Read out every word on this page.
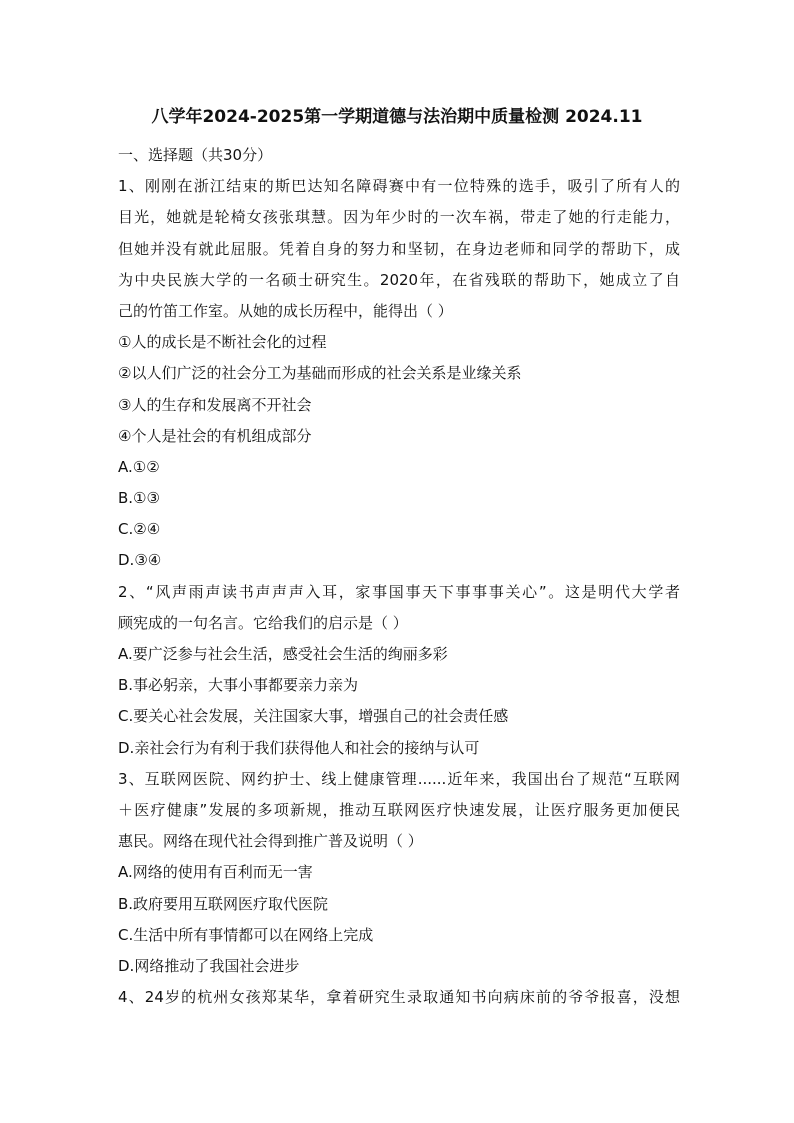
八学年2024-2025第一学期道德与法治期中质量检测 2024.11
一、选择题（共30分）
1、刚刚在浙江结束的斯巴达知名障碍赛中有一位特殊的选手，吸引了所有人的
目光，她就是轮椅女孩张琪慧。因为年少时的一次车祸，带走了她的行走能力，
但她并没有就此屈服。凭着自身的努力和坚韧，在身边老师和同学的帮助下，成
为中央民族大学的一名硕士研究生。2020年，在省残联的帮助下，她成立了自
己的竹笛工作室。从她的成长历程中，能得出（ ）
①人的成长是不断社会化的过程
②以人们广泛的社会分工为基础而形成的社会关系是业缘关系
③人的生存和发展离不开社会
④个人是社会的有机组成部分
A.①②
B.①③
C.②④
D.③④
2、“风声雨声读书声声声入耳，家事国事天下事事事关心”。这是明代大学者
顾宪成的一句名言。它给我们的启示是（ ）
A.要广泛参与社会生活，感受社会生活的绚丽多彩
B.事必躬亲，大事小事都要亲力亲为
C.要关心社会发展，关注国家大事，增强自己的社会责任感
D.亲社会行为有利于我们获得他人和社会的接纳与认可
3、互联网医院、网约护士、线上健康管理......近年来，我国出台了规范“互联网
＋医疗健康”发展的多项新规，推动互联网医疗快速发展，让医疗服务更加便民
惠民。网络在现代社会得到推广普及说明（ ）
A.网络的使用有百利而无一害
B.政府要用互联网医疗取代医院
C.生活中所有事情都可以在网络上完成
D.网络推动了我国社会进步
4、24岁的杭州女孩郑某华，拿着研究生录取通知书向病床前的爷爷报喜，没想
